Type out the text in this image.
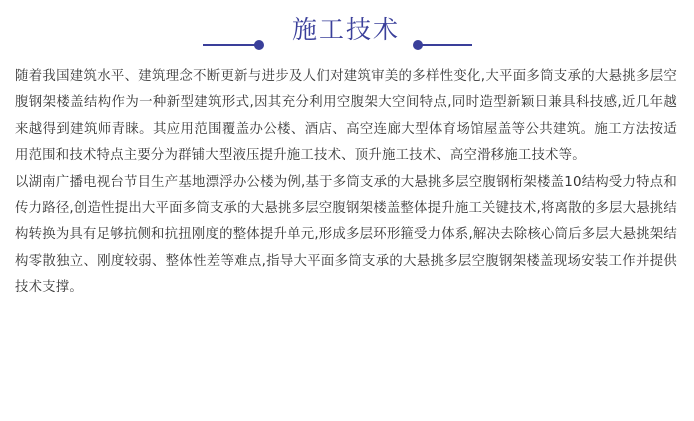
施工技术

随着我国建筑水平、建筑理念不断更新与进步及人们对建筑审美的多样性变化,大平面多筒支承的大悬挑多层空腹钢架楼盖结构作为一种新型建筑形式,因其充分利用空腹架大空间特点,同时造型新颖日兼具科技感,近几年越来越得到建筑师青睐。其应用范围覆盖办公楼、酒店、高空连廊大型体育场馆屋盖等公共建筑。施工方法按适用范围和技术特点主要分为群铺大型液压提升施工技术、顶升施工技术、高空滑移施工技术等。

以湖南广播电视台节目生产基地漂浮办公楼为例,基于多筒支承的大悬挑多层空腹钢桁架楼盖10结构受力特点和传力路径,创造性提出大平面多筒支承的大悬挑多层空腹钢架楼盖整体提升施工关键技术,将离散的多层大悬挑结构转换为具有足够抗侧和抗扭刚度的整体提升单元,形成多层环形箍受力体系,解决去除核心筒后多层大悬挑架结构零散独立、刚度较弱、整体性差等难点,指导大平面多筒支承的大悬挑多层空腹钢架楼盖现场安装工作并提供技术支撑。
